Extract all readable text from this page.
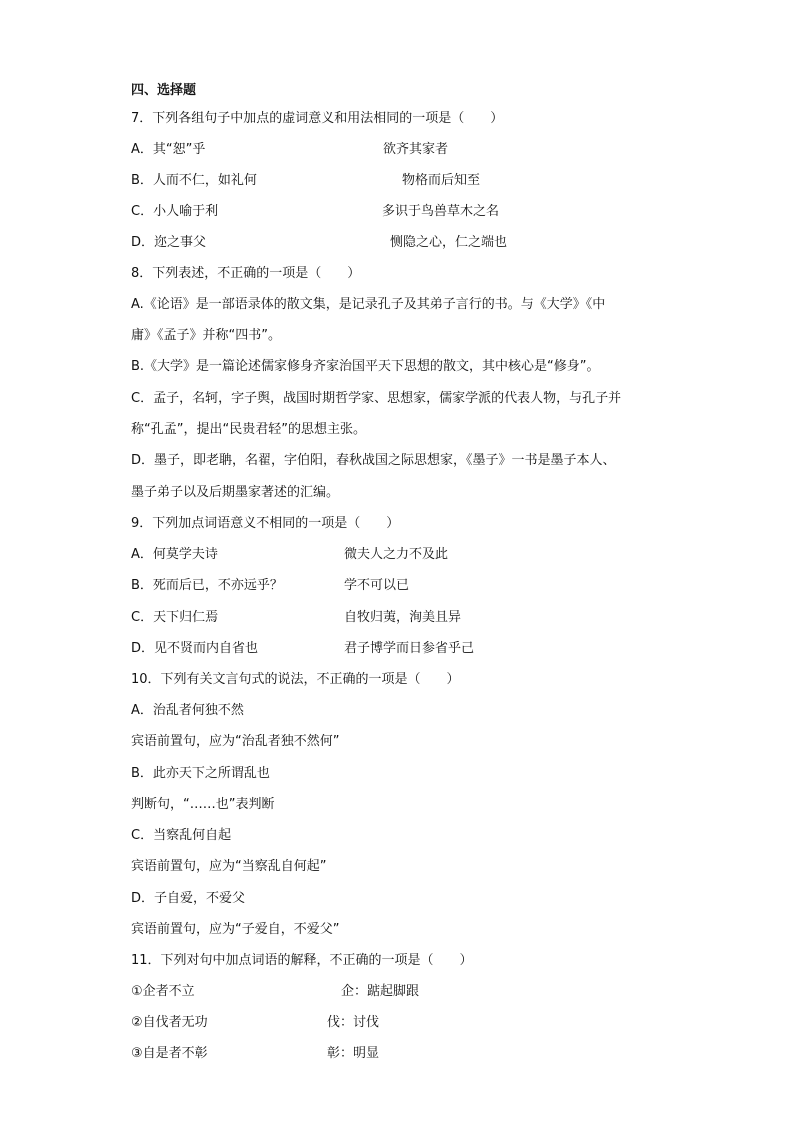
四、选择题
7．下列各组句子中加点的虚词意义和用法相同的一项是（　　）
A．其“恕”乎	欲齐其家者
B．人而不仁，如礼何	物格而后知至
C．小人喻于利	多识于鸟兽草木之名
D．迩之事父	恻隐之心，仁之端也
8．下列表述，不正确的一项是（　　）
A.《论语》是一部语录体的散文集，是记录孔子及其弟子言行的书。与《大学》《中
庸》《孟子》并称“四书”。
B.《大学》是一篇论述儒家修身齐家治国平天下思想的散文，其中核心是“修身”。
C．孟子，名轲，字子舆，战国时期哲学家、思想家，儒家学派的代表人物，与孔子并
称“孔孟”，提出“民贵君轻”的思想主张。
D．墨子，即老聃，名翟，字伯阳，春秋战国之际思想家，《墨子》一书是墨子本人、
墨子弟子以及后期墨家著述的汇编。
9．下列加点词语意义不相同的一项是（　　）
A．何莫学夫诗	微夫人之力不及此
B．死而后已，不亦远乎？	学不可以已
C．天下归仁焉	自牧归荑，洵美且异
D．见不贤而内自省也	君子博学而日参省乎己
10．下列有关文言句式的说法，不正确的一项是（　　）
A．治乱者何独不然
宾语前置句，应为“治乱者独不然何”
B．此亦天下之所谓乱也
判断句，“……也”表判断
C．当察乱何自起
宾语前置句，应为“当察乱自何起”
D．子自爱，不爱父
宾语前置句，应为“子爱自，不爱父”
11．下列对句中加点词语的解释，不正确的一项是（　　）
①企者不立	企：踮起脚跟
②自伐者无功	伐：讨伐
③自是者不彰	彰：明显
